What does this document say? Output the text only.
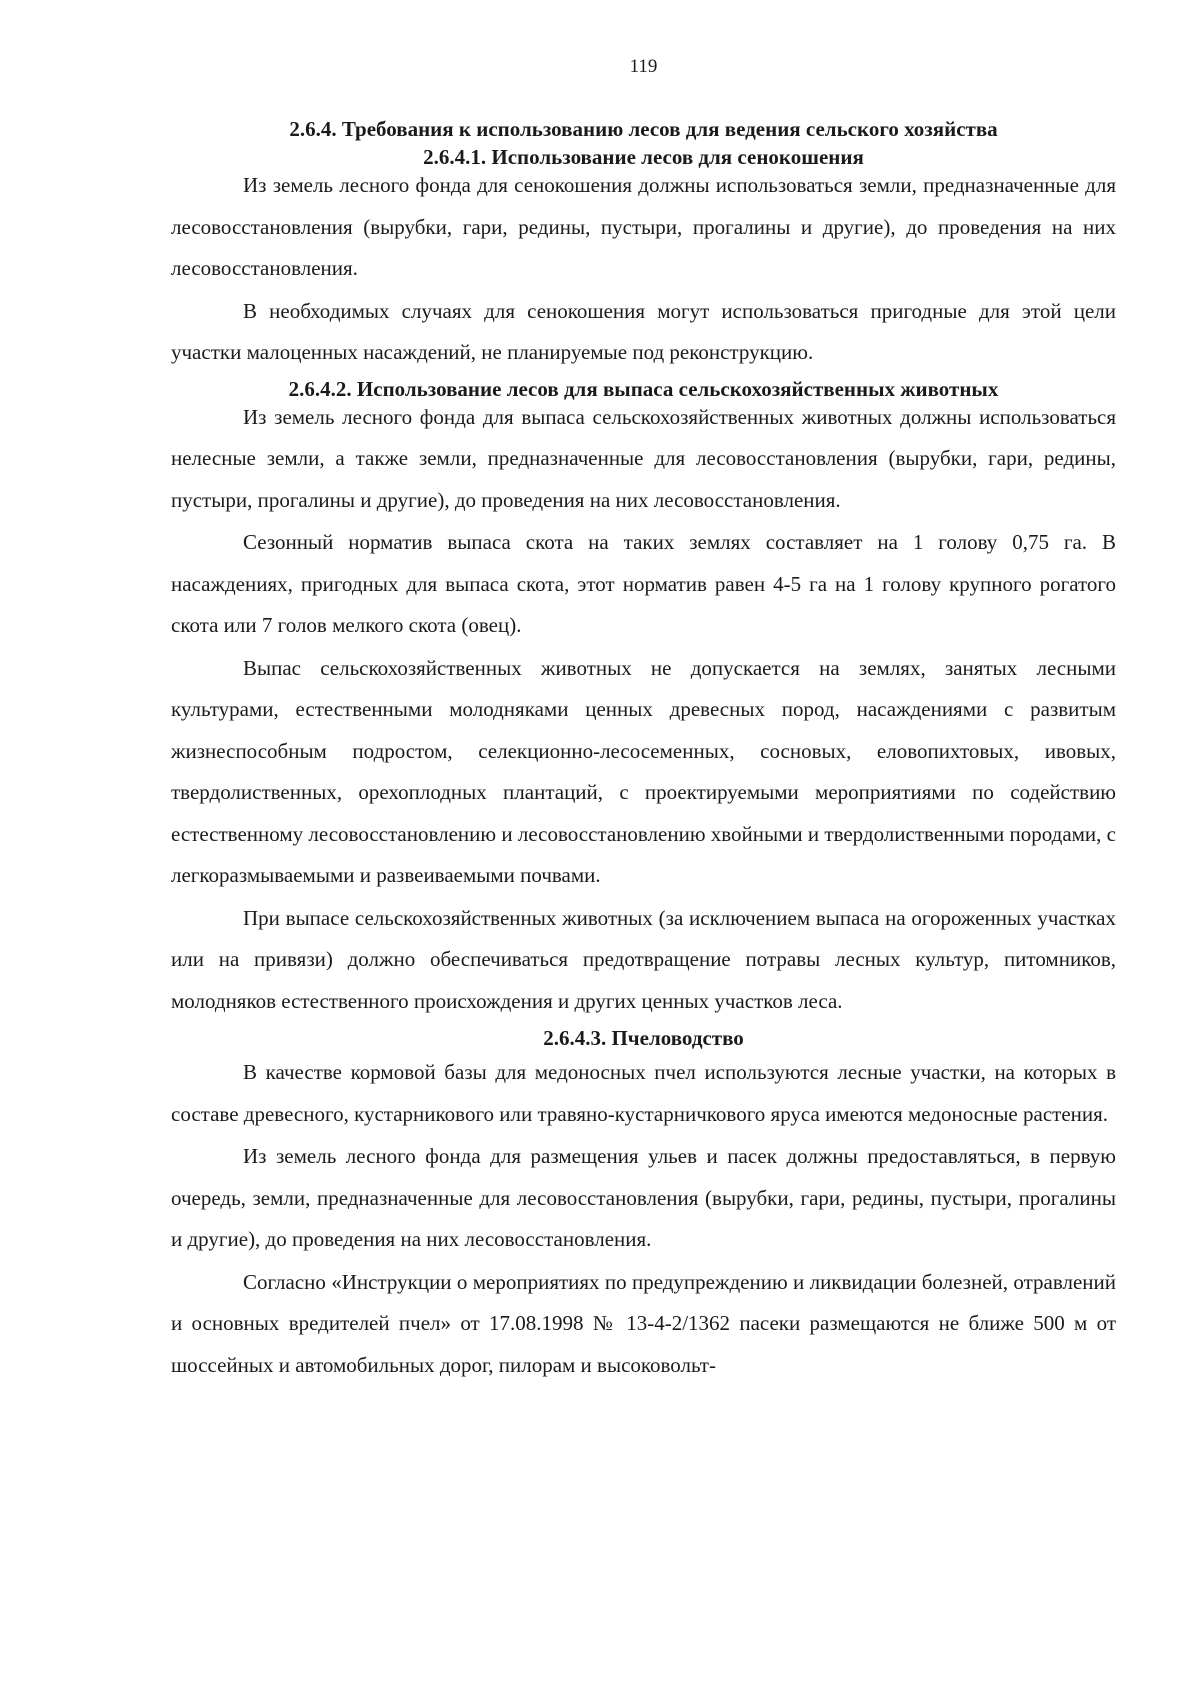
119
2.6.4. Требования к использованию лесов для ведения сельского хозяйства
2.6.4.1. Использование лесов для сенокошения

Из земель лесного фонда для сенокошения должны использоваться земли, предназначенные для лесовосстановления (вырубки, гари, редины, пустыри, прогалины и другие), до проведения на них лесовосстановления.

В необходимых случаях для сенокошения могут использоваться пригодные для этой цели участки малоценных насаждений, не планируемые под реконструкцию.

2.6.4.2. Использование лесов для выпаса сельскохозяйственных животных

Из земель лесного фонда для выпаса сельскохозяйственных животных должны использоваться нелесные земли, а также земли, предназначенные для лесовосстановления (вырубки, гари, редины, пустыри, прогалины и другие), до проведения на них лесовосстановления.

Сезонный норматив выпаса скота на таких землях составляет на 1 голову 0,75 га. В насаждениях, пригодных для выпаса скота, этот норматив равен 4-5 га на 1 голову крупного рогатого скота или 7 голов мелкого скота (овец).

Выпас сельскохозяйственных животных не допускается на землях, занятых лесными культурами, естественными молодняками ценных древесных пород, насаждениями с развитым жизнеспособным подростом, селекционно-лесосеменных, сосновых, еловопихтовых, ивовых, твердолиственных, орехоплодных плантаций, с проектируемыми мероприятиями по содействию естественному лесовосстановлению и лесовосстановлению хвойными и твердолиственными породами, с легкоразмываемыми и развеиваемыми почвами.

При выпасе сельскохозяйственных животных (за исключением выпаса на огороженных участках или на привязи) должно обеспечиваться предотвращение потравы лесных культур, питомников, молодняков естественного происхождения и других ценных участков леса.

2.6.4.3. Пчеловодство

В качестве кормовой базы для медоносных пчел используются лесные участки, на которых в составе древесного, кустарникового или травяно-кустарничкового яруса имеются медоносные растения.

Из земель лесного фонда для размещения ульев и пасек должны предоставляться, в первую очередь, земли, предназначенные для лесовосстановления (вырубки, гари, редины, пустыри, прогалины и другие), до проведения на них лесовосстановления.

Согласно «Инструкции о мероприятиях по предупреждению и ликвидации болезней, отравлений и основных вредителей пчел» от 17.08.1998 № 13-4-2/1362 пасеки размещаются не ближе 500 м от шоссейных и автомобильных дорог, пилорам и высоковольт-
